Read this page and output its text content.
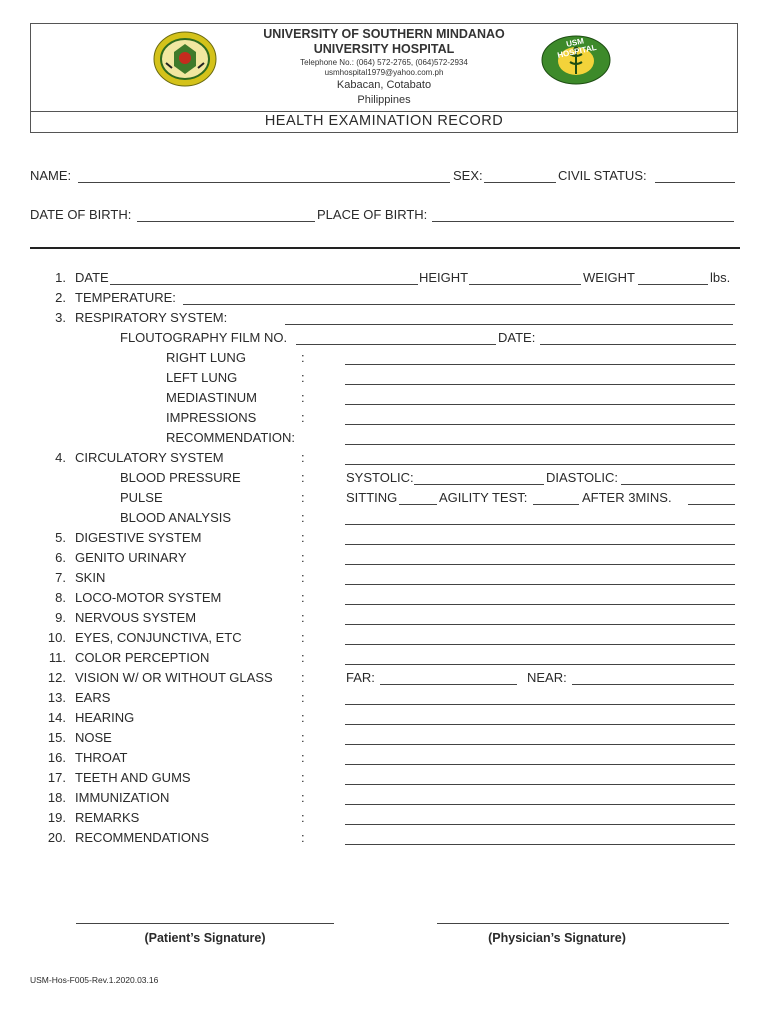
USM HOSPITAL
UNIVERSITY OF SOUTHERN MINDANAO
UNIVERSITY HOSPITAL
Telephone No.: (064) 572-2765, (064)572-2934
usmhospital1979@yahoo.com.ph
Kabacan, Cotabato
Philippines
HEALTH EXAMINATION RECORD
NAME:	SEX:	CIVIL STATUS:
DATE OF BIRTH:	PLACE OF BIRTH:
1. DATE	HEIGHT	WEIGHT	lbs.
2. TEMPERATURE:
3. RESPIRATORY SYSTEM:
FLOUTOGRAPHY FILM NO.	DATE:
RIGHT LUNG	:
LEFT LUNG	:
MEDIASTINUM	:
IMPRESSIONS	:
RECOMMENDATION:
4. CIRCULATORY SYSTEM	:
BLOOD PRESSURE	:	SYSTOLIC:	DIASTOLIC:
PULSE	:	SITTING	AGILITY TEST:	AFTER 3MINS.
BLOOD ANALYSIS	:
5. DIGESTIVE SYSTEM	:
6. GENITO URINARY	:
7. SKIN	:
8. LOCO-MOTOR SYSTEM	:
9. NERVOUS SYSTEM	:
10. EYES, CONJUNCTIVA, ETC	:
11. COLOR PERCEPTION	:
12. VISION W/ OR WITHOUT GLASS :	FAR:	NEAR:
13. EARS	:
14. HEARING	:
15. NOSE	:
16. THROAT	:
17. TEETH AND GUMS	:
18. IMMUNIZATION	:
19. REMARKS	:
20. RECOMMENDATIONS	:
(Patient’s Signature)	(Physician’s Signature)
USM-Hos-F005-Rev.1.2020.03.16
